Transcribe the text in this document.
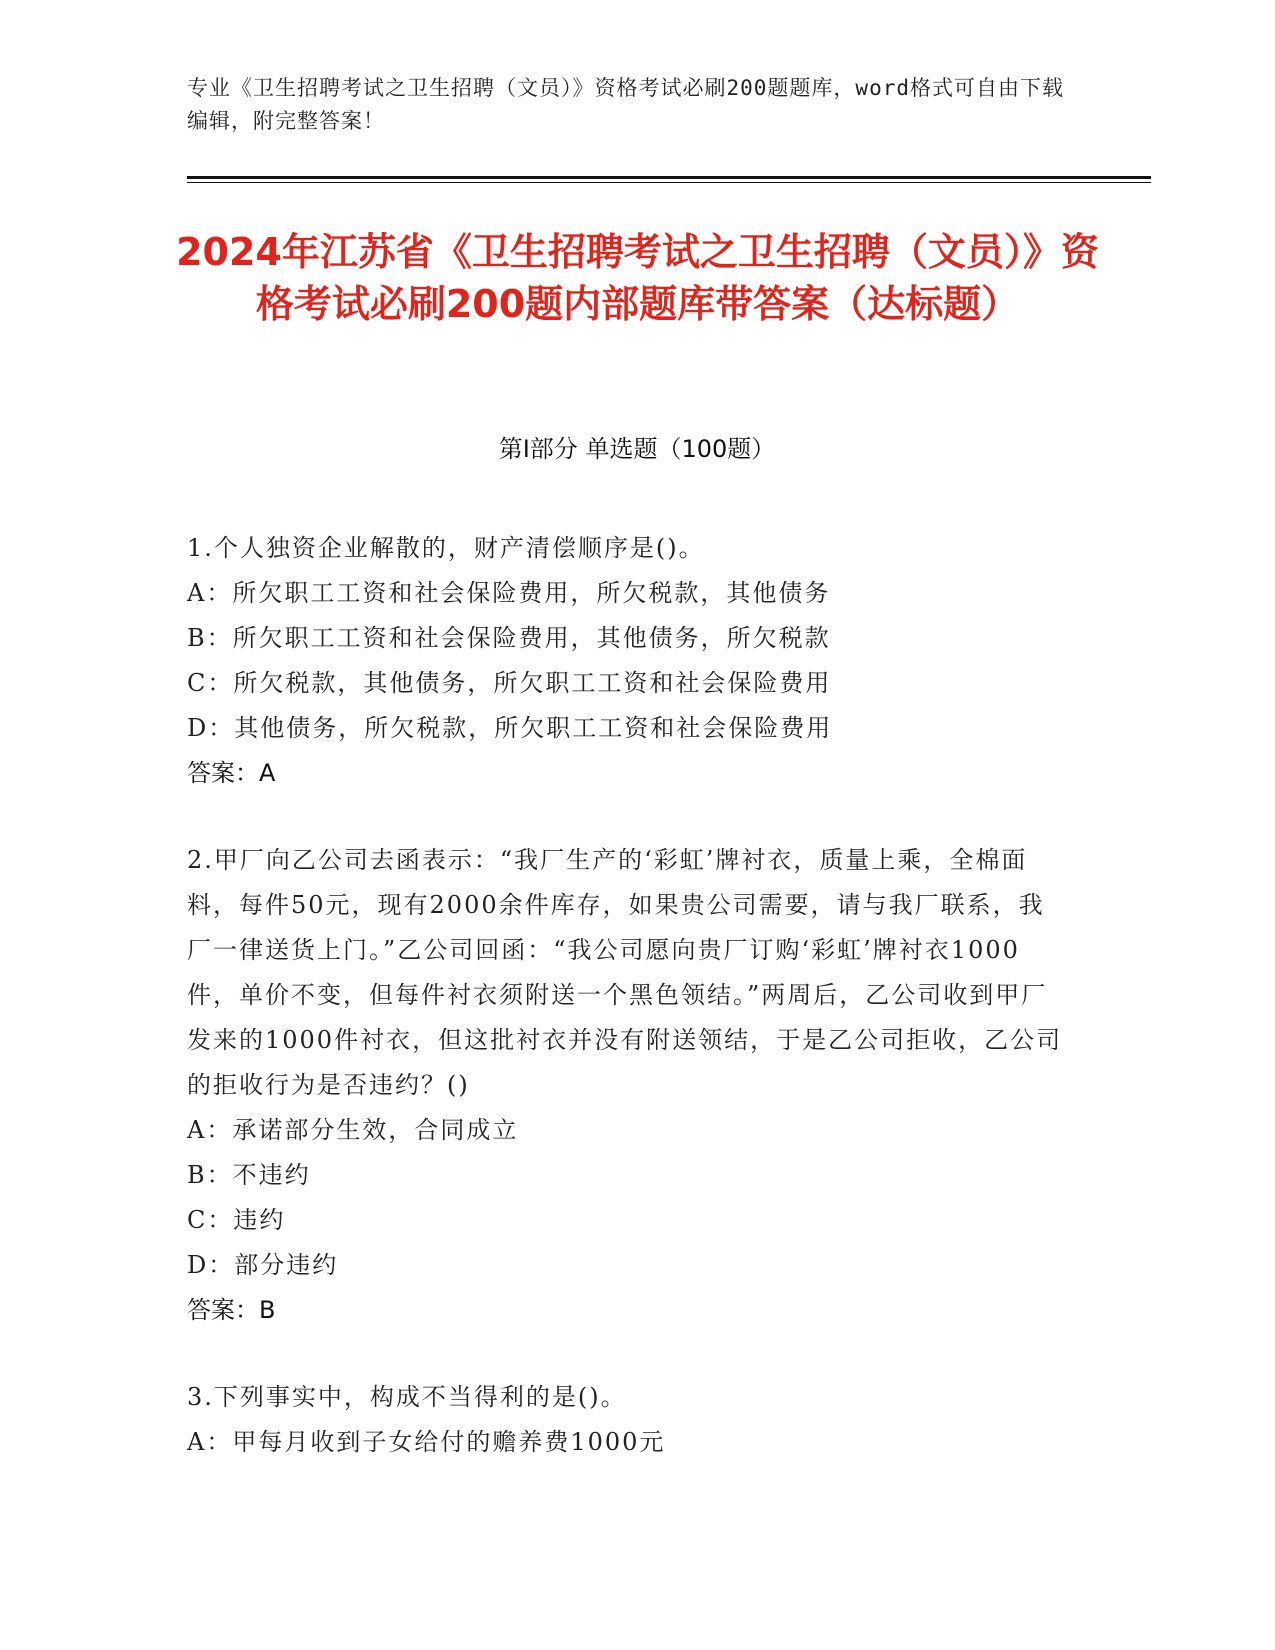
专业《卫生招聘考试之卫生招聘（文员）》资格考试必刷200题题库，word格式可自由下载编辑，附完整答案！
2024年江苏省《卫生招聘考试之卫生招聘（文员）》资格考试必刷200题内部题库带答案（达标题）
第Ⅰ部分 单选题（100题）

1.个人独资企业解散的，财产清偿顺序是()。

A：所欠职工工资和社会保险费用，所欠税款，其他债务

B：所欠职工工资和社会保险费用，其他债务，所欠税款

C：所欠税款，其他债务，所欠职工工资和社会保险费用

D：其他债务，所欠税款，所欠职工工资和社会保险费用

答案：A

2.甲厂向乙公司去函表示：“我厂生产的‘彩虹’牌衬衣，质量上乘，全棉面料，每件50元，现有2000余件库存，如果贵公司需要，请与我厂联系，我厂一律送货上门。”乙公司回函：“我公司愿向贵厂订购‘彩虹’牌衬衣1000件，单价不变，但每件衬衣须附送一个黑色领结。”两周后，乙公司收到甲厂发来的1000件衬衣，但这批衬衣并没有附送领结，于是乙公司拒收，乙公司的拒收行为是否违约？()

A：承诺部分生效，合同成立

B：不违约

C：违约

D：部分违约

答案：B

3.下列事实中，构成不当得利的是()。

A：甲每月收到子女给付的赡养费1000元
